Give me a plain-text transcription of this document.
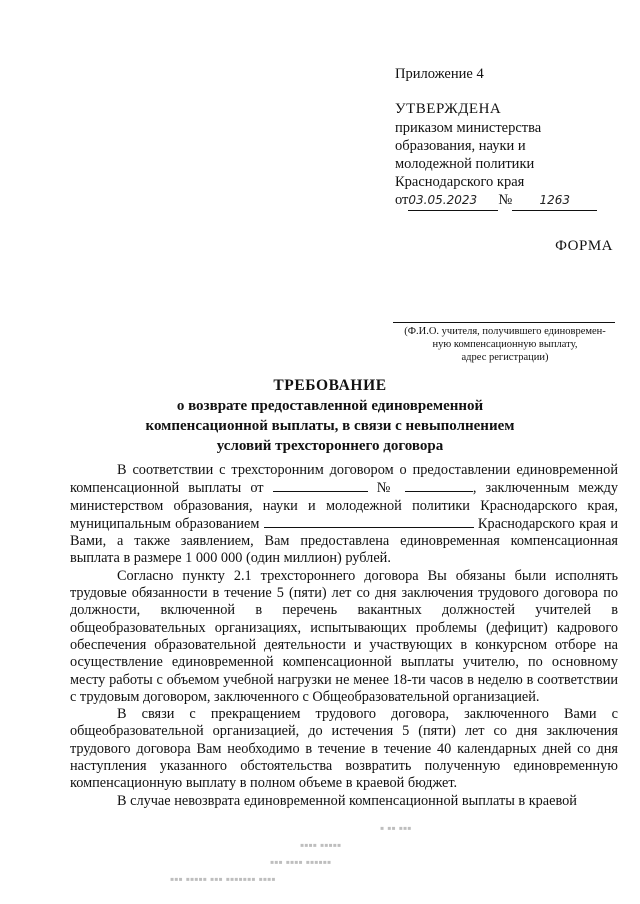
Приложение 4
УТВЕРЖДЕНА
приказом министерства
образования, науки и
молодежной политики
Краснодарского края
от03.05.2023 № 1263
ФОРМА
(Ф.И.О. учителя, получившего единовремен-
ную компенсационную выплату,
адрес регистрации)
ТРЕБОВАНИЕ
о возврате предоставленной единовременной
компенсационной выплаты, в связи с невыполнением
условий трехстороннего договора

В соответствии с трехсторонним договором о предоставлении единовременной компенсационной выплаты от	№	, заключенным между министерством образования, науки и молодежной политики Краснодарского края, муниципальным образованием	Краснодарского края и Вами, а также заявлением, Вам предоставлена единовременная компенсационная выплата в размере 1 000 000 (один миллион) рублей.

Согласно пункту 2.1 трехстороннего договора Вы обязаны были исполнять трудовые обязанности в течение 5 (пяти) лет со дня заключения трудового договора по должности, включенной в перечень вакантных должностей учителей в общеобразовательных организациях, испытывающих проблемы (дефицит) кадрового обеспечения образовательной деятельности и участвующих в конкурсном отборе на осуществление единовременной компенсационной выплаты учителю, по основному месту работы с объемом учебной нагрузки не менее 18-ти часов в неделю в соответствии с трудовым договором, заключенного с Общеобразовательной организацией.

В связи с прекращением трудового договора, заключенного Вами с общеобразовательной организацией, до истечения 5 (пяти) лет со дня заключения трудового договора Вам необходимо в течение в течение 40 календарных дней со дня наступления указанного обстоятельства возвратить полученную единовременную компенсационную выплату в полном объеме в краевой бюджет.

В случае невозврата единовременной компенсационной выплаты в краевой

▪ ▪▪ ▪▪▪
▪▪▪▪ ▪▪▪▪▪
▪▪▪ ▪▪▪▪ ▪▪▪▪▪▪
▪▪▪ ▪▪▪▪▪ ▪▪▪ ▪▪▪▪▪▪▪ ▪▪▪▪
